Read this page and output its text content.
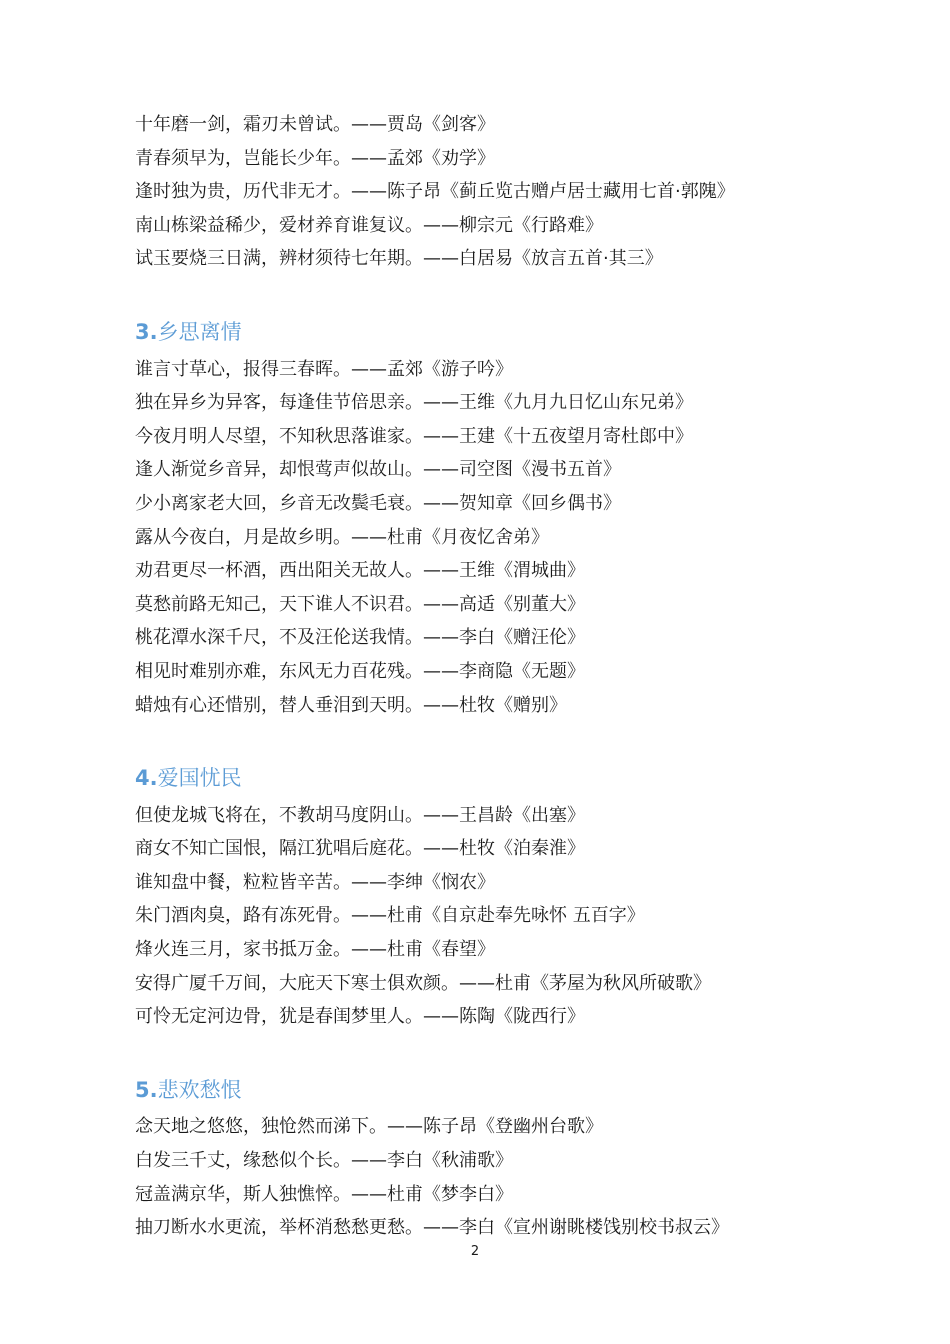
十年磨一剑，霜刃未曾试。——贾岛《剑客》
青春须早为，岂能长少年。——孟郊《劝学》
逢时独为贵，历代非无才。——陈子昂《蓟丘览古赠卢居士藏用七首·郭隗》
南山栋梁益稀少，爱材养育谁复议。——柳宗元《行路难》
试玉要烧三日满，辨材须待七年期。——白居易《放言五首·其三》
3.乡思离情
谁言寸草心，报得三春晖。——孟郊《游子吟》
独在异乡为异客，每逢佳节倍思亲。——王维《九月九日忆山东兄弟》
今夜月明人尽望，不知秋思落谁家。——王建《十五夜望月寄杜郎中》
逢人渐觉乡音异，却恨莺声似故山。——司空图《漫书五首》
少小离家老大回，乡音无改鬓毛衰。——贺知章《回乡偶书》
露从今夜白，月是故乡明。——杜甫《月夜忆舍弟》
劝君更尽一杯酒，西出阳关无故人。——王维《渭城曲》
莫愁前路无知己，天下谁人不识君。——高适《别董大》
桃花潭水深千尺，不及汪伦送我情。——李白《赠汪伦》
相见时难别亦难，东风无力百花残。——李商隐《无题》
蜡烛有心还惜别，替人垂泪到天明。——杜牧《赠别》
4.爱国忧民
但使龙城飞将在，不教胡马度阴山。——王昌龄《出塞》
商女不知亡国恨，隔江犹唱后庭花。——杜牧《泊秦淮》
谁知盘中餐，粒粒皆辛苦。——李绅《悯农》
朱门酒肉臭，路有冻死骨。——杜甫《自京赴奉先咏怀 五百字》
烽火连三月，家书抵万金。——杜甫《春望》
安得广厦千万间，大庇天下寒士俱欢颜。——杜甫《茅屋为秋风所破歌》
可怜无定河边骨，犹是春闺梦里人。——陈陶《陇西行》
5.悲欢愁恨
念天地之悠悠，独怆然而涕下。——陈子昂《登幽州台歌》
白发三千丈，缘愁似个长。——李白《秋浦歌》
冠盖满京华，斯人独憔悴。——杜甫《梦李白》
抽刀断水水更流，举杯消愁愁更愁。——李白《宣州谢眺楼饯别校书叔云》
2
